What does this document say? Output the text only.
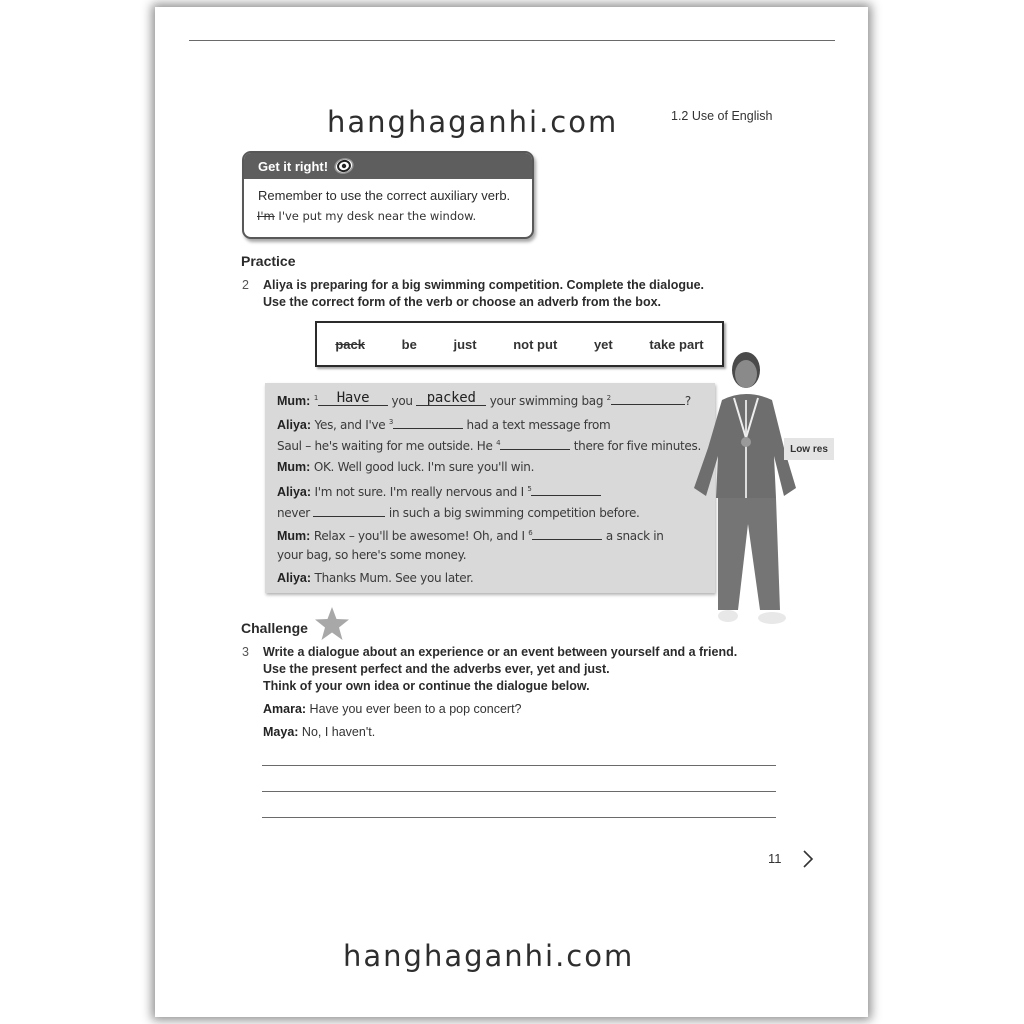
hanghaganhi.com	1.2 Use of English
Get it right!
Remember to use the correct auxiliary verb.
I'm I've put my desk near the window.
Practice
2 Aliya is preparing for a big swimming competition. Complete the dialogue.
Use the correct form of the verb or choose an adverb from the box.
pack	be	just	not put	yet	take part
Mum: $^1$ Have you packed your swimming bag $^2$	?
Aliya: Yes, and I've $^3$	had a text message from
Saul – he's waiting for me outside. He $^4$	there for five minutes.
Mum: OK. Well good luck. I'm sure you'll win.
Aliya: I'm not sure. I'm really nervous and I $^5$
never	in such a big swimming competition before.
Mum: Relax – you'll be awesome! Oh, and I $^6$	a snack in
your bag, so here's some money.
Aliya: Thanks Mum. See you later.
Low res
Challenge
3 Write a dialogue about an experience or an event between yourself and a friend.
Use the present perfect and the adverbs ever, yet and just.
Think of your own idea or continue the dialogue below.
Amara: Have you ever been to a pop concert?
Maya: No, I haven't.
11
hanghaganhi.com
